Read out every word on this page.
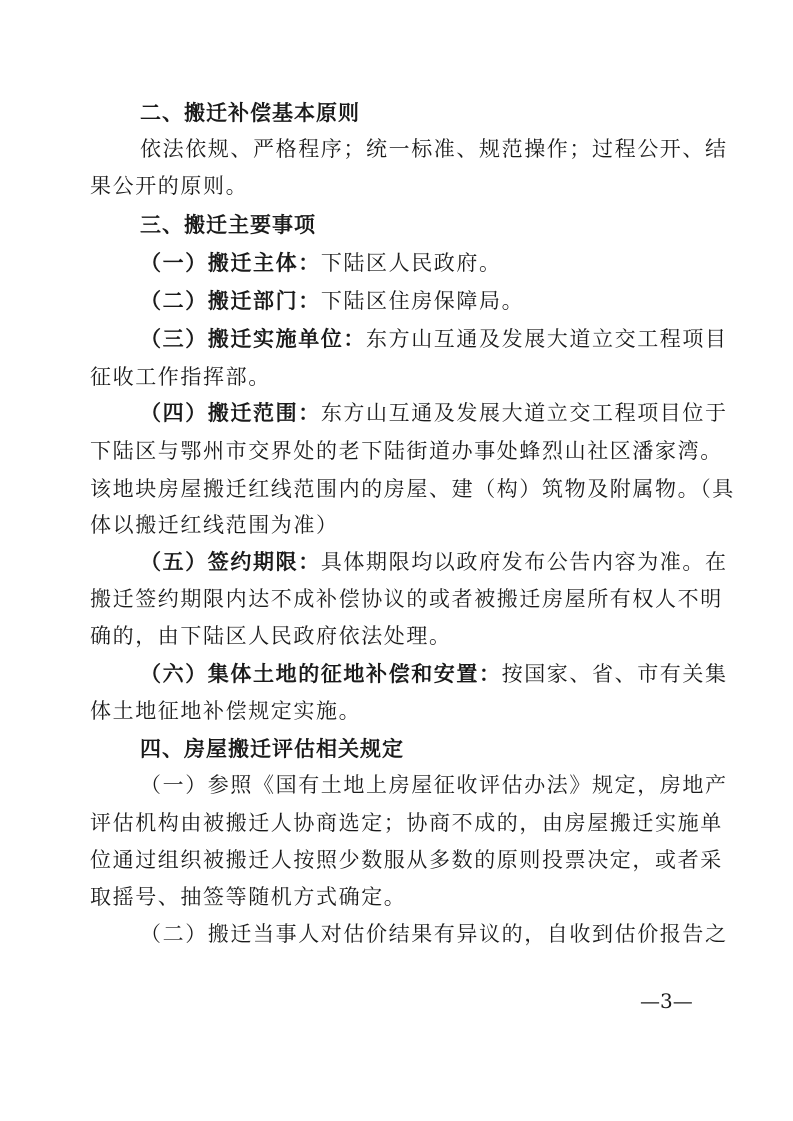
二、搬迁补偿基本原则
依法依规、严格程序；统一标准、规范操作；过程公开、结
果公开的原则。
三、搬迁主要事项
（一）搬迁主体：下陆区人民政府。
（二）搬迁部门：下陆区住房保障局。
（三）搬迁实施单位：东方山互通及发展大道立交工程项目
征收工作指挥部。
（四）搬迁范围：东方山互通及发展大道立交工程项目位于
下陆区与鄂州市交界处的老下陆街道办事处蜂烈山社区潘家湾。
该地块房屋搬迁红线范围内的房屋、建（构）筑物及附属物。（具
体以搬迁红线范围为准）
（五）签约期限：具体期限均以政府发布公告内容为准。在
搬迁签约期限内达不成补偿协议的或者被搬迁房屋所有权人不明
确的，由下陆区人民政府依法处理。
（六）集体土地的征地补偿和安置：按国家、省、市有关集
体土地征地补偿规定实施。
四、房屋搬迁评估相关规定
（一）参照《国有土地上房屋征收评估办法》规定，房地产
评估机构由被搬迁人协商选定；协商不成的，由房屋搬迁实施单
位通过组织被搬迁人按照少数服从多数的原则投票决定，或者采
取摇号、抽签等随机方式确定。
（二）搬迁当事人对估价结果有异议的，自收到估价报告之
—3—
